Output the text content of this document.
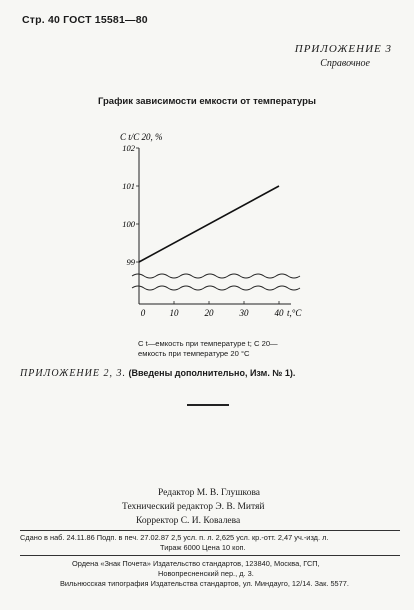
Стр. 40 ГОСТ 15581—80
ПРИЛОЖЕНИЕ 3
Справочное
График зависимости емкости от температуры
C t/C 20, %
99
100
101
102
0	10	20	30	40 t,°C
C t—емкость при температуре t; C 20—
емкость при температуре 20 °C
ПРИЛОЖЕНИЕ 2, 3. (Введены дополнительно, Изм. № 1).
Редактор М. В. Глушкова
Технический редактор Э. В. Митяй
Корректор С. И. Ковалева
Сдано в наб. 24.11.86 Подп. в печ. 27.02.87 2,5 усл. п. л. 2,625 усл. кр.-отт. 2,47 уч.-изд. л.
Тираж 6000 Цена 10 коп.
Ордена «Знак Почета» Издательство стандартов, 123840, Москва, ГСП,
Новопресненский пер., д. 3.
Вильнюсская типография Издательства стандартов, ул. Миндауго, 12/14. Зак. 5577.
